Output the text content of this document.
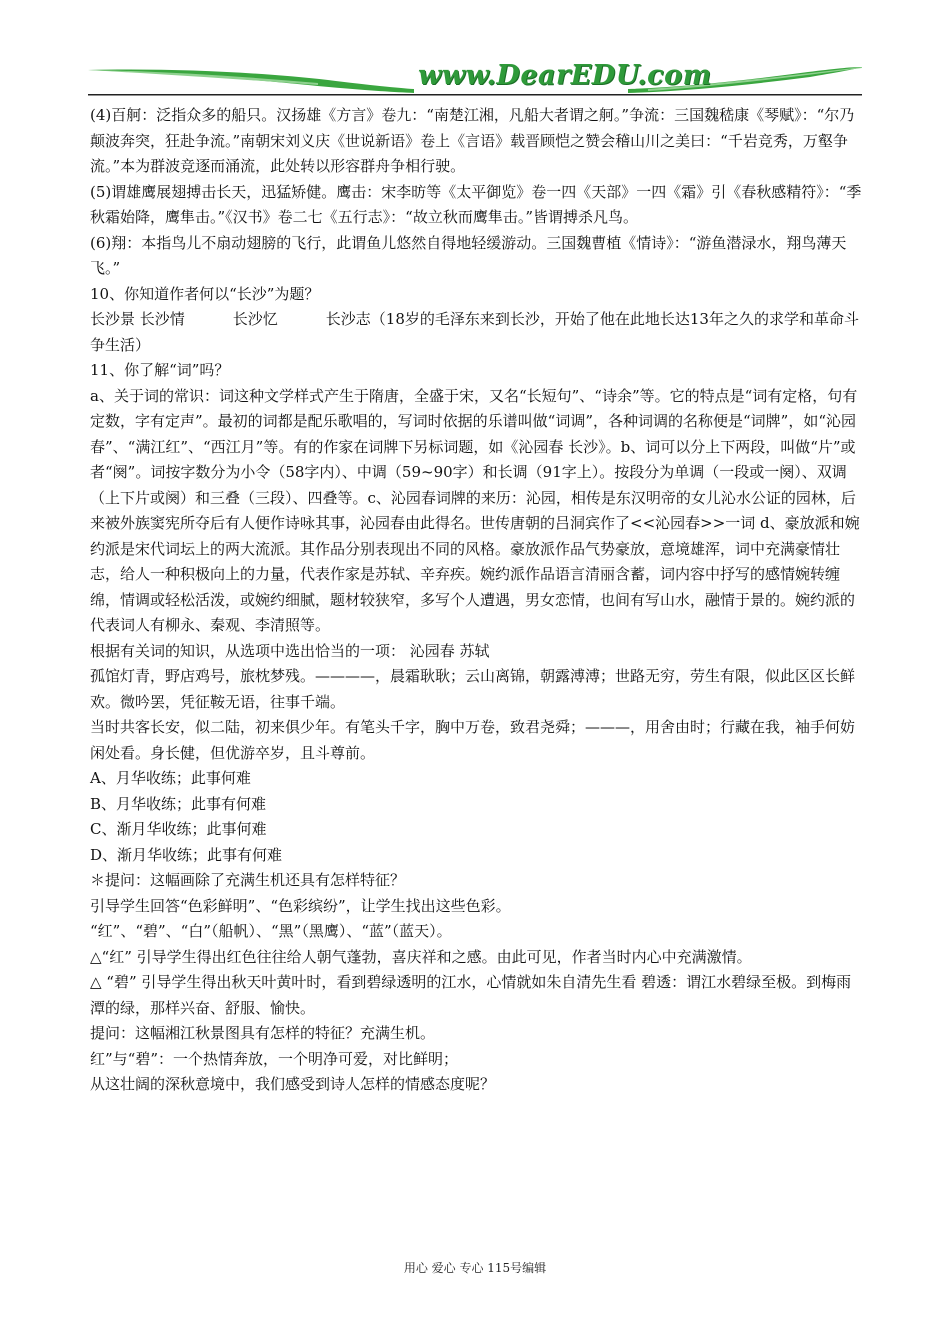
www.DearEDU.com

(4)百舸：泛指众多的船只。汉扬雄《方言》卷九：“南楚江湘，凡船大者谓之舸。”争流：三国魏嵇康《琴赋》：“尔乃颠波奔突，狂赴争流。”南朝宋刘义庆《世说新语》卷上《言语》载晋顾恺之赞会稽山川之美曰：“千岩竞秀，万壑争流。”本为群波竞逐而涌流，此处转以形容群舟争相行驶。

(5)谓雄鹰展翅搏击长天，迅猛矫健。鹰击：宋李昉等《太平御览》卷一四《天部》一四《霜》引《春秋感精符》：“季秋霜始降，鹰隼击。”《汉书》卷二七《五行志》：“故立秋而鹰隼击。”皆谓搏杀凡鸟。

(6)翔：本指鸟儿不扇动翅膀的飞行，此谓鱼儿悠然自得地轻缓游动。三国魏曹植《情诗》：“游鱼潜渌水，翔鸟薄天飞。”

10、你知道作者何以“长沙”为题？

长沙景 长沙情	长沙忆	长沙志（18岁的毛泽东来到长沙，开始了他在此地长达13年之久的求学和革命斗争生活）

11、你了解“词”吗？

a、关于词的常识：词这种文学样式产生于隋唐，全盛于宋，又名“长短句”、“诗余”等。它的特点是“词有定格，句有定数，字有定声”。最初的词都是配乐歌唱的，写词时依据的乐谱叫做“词调”，各种词调的名称便是“词牌”，如“沁园春”、“满江红”、“西江月”等。有的作家在词牌下另标词题，如《沁园春 长沙》。b、词可以分上下两段，叫做“片”或者“阕”。词按字数分为小令（58字内）、中调（59~90字）和长调（91字上）。按段分为单调（一段或一阕）、双调（上下片或阕）和三叠（三段）、四叠等。c、沁园春词牌的来历：沁园，相传是东汉明帝的女儿沁水公证的园林，后来被外族窦宪所夺后有人便作诗咏其事，沁园春由此得名。世传唐朝的吕洞宾作了<<沁园春>>一词 d、豪放派和婉约派是宋代词坛上的两大流派。其作品分别表现出不同的风格。豪放派作品气势豪放，意境雄浑，词中充满豪情壮志，给人一种积极向上的力量，代表作家是苏轼、辛弃疾。婉约派作品语言清丽含蓄，词内容中抒写的感情婉转缠绵，情调或轻松活泼，或婉约细腻，题材较狭窄，多写个人遭遇，男女恋情，也间有写山水，融情于景的。婉约派的代表词人有柳永、秦观、李清照等。

根据有关词的知识，从选项中选出恰当的一项： 沁园春 苏轼

孤馆灯青，野店鸡号，旅枕梦残。————，晨霜耿耿；云山离锦，朝露溥溥；世路无穷，劳生有限，似此区区长鲜欢。微吟罢，凭征鞍无语，往事千端。

当时共客长安，似二陆，初来俱少年。有笔头千字，胸中万卷，致君尧舜；———，用舍由时；行藏在我，袖手何妨闲处看。身长健，但优游卒岁，且斗尊前。

A、月华收练；此事何难

B、月华收练；此事有何难

C、渐月华收练；此事何难

D、渐月华收练；此事有何难

＊提问：这幅画除了充满生机还具有怎样特征？

引导学生回答“色彩鲜明”、“色彩缤纷”，让学生找出这些色彩。

“红”、“碧”、“白”（船帆）、“黑”（黑鹰）、“蓝”（蓝天）。

△“红” 引导学生得出红色往往给人朝气蓬勃，喜庆祥和之感。由此可见，作者当时内心中充满激情。

△ “碧” 引导学生得出秋天叶黄叶时，看到碧绿透明的江水，心情就如朱自清先生看 碧透：谓江水碧绿至极。到梅雨潭的绿，那样兴奋、舒服、愉快。

提问：这幅湘江秋景图具有怎样的特征？充满生机。

红”与“碧”：一个热情奔放，一个明净可爱，对比鲜明；

从这壮阔的深秋意境中，我们感受到诗人怎样的情感态度呢？

用心 爱心 专心 115号编辑
